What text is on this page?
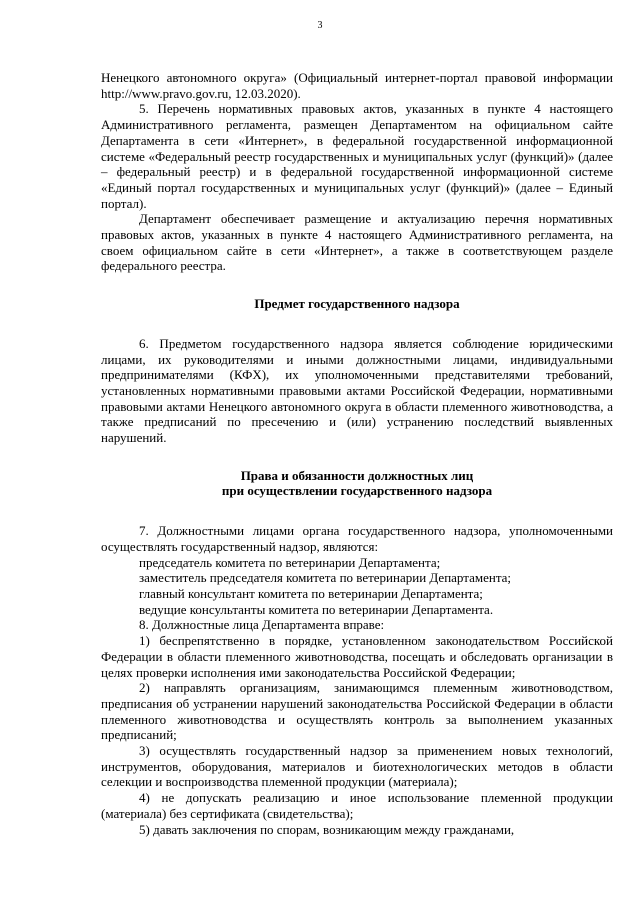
3

Ненецкого автономного округа» (Официальный интернет-портал правовой информации http://www.pravo.gov.ru, 12.03.2020).

5. Перечень нормативных правовых актов, указанных в пункте 4 настоящего Административного регламента, размещен Департаментом на официальном сайте Департамента в сети «Интернет», в федеральной государственной информационной системе «Федеральный реестр государственных и муниципальных услуг (функций)» (далее – федеральный реестр) и в федеральной государственной информационной системе «Единый портал государственных и муниципальных услуг (функций)» (далее – Единый портал).

Департамент обеспечивает размещение и актуализацию перечня нормативных правовых актов, указанных в пункте 4 настоящего Административного регламента, на своем официальном сайте в сети «Интернет», а также в соответствующем разделе федерального реестра.

Предмет государственного надзора

6. Предметом государственного надзора является соблюдение юридическими лицами, их руководителями и иными должностными лицами, индивидуальными предпринимателями (КФХ), их уполномоченными представителями требований, установленных нормативными правовыми актами Российской Федерации, нормативными правовыми актами Ненецкого автономного округа в области племенного животноводства, а также предписаний по пресечению и (или) устранению последствий выявленных нарушений.

Права и обязанности должностных лиц
при осуществлении государственного надзора

7. Должностными лицами органа государственного надзора, уполномоченными осуществлять государственный надзор, являются:

председатель комитета по ветеринарии Департамента;

заместитель председателя комитета по ветеринарии Департамента;

главный консультант комитета по ветеринарии Департамента;

ведущие консультанты комитета по ветеринарии Департамента.

8. Должностные лица Департамента вправе:

1) беспрепятственно в порядке, установленном законодательством Российской Федерации в области племенного животноводства, посещать и обследовать организации в целях проверки исполнения ими законодательства Российской Федерации;

2) направлять организациям, занимающимся племенным животноводством, предписания об устранении нарушений законодательства Российской Федерации в области племенного животноводства и осуществлять контроль за выполнением указанных предписаний;

3) осуществлять государственный надзор за применением новых технологий, инструментов, оборудования, материалов и биотехнологических методов в области селекции и воспроизводства племенной продукции (материала);

4) не допускать реализацию и иное использование племенной продукции (материала) без сертификата (свидетельства);

5) давать заключения по спорам, возникающим между гражданами,
